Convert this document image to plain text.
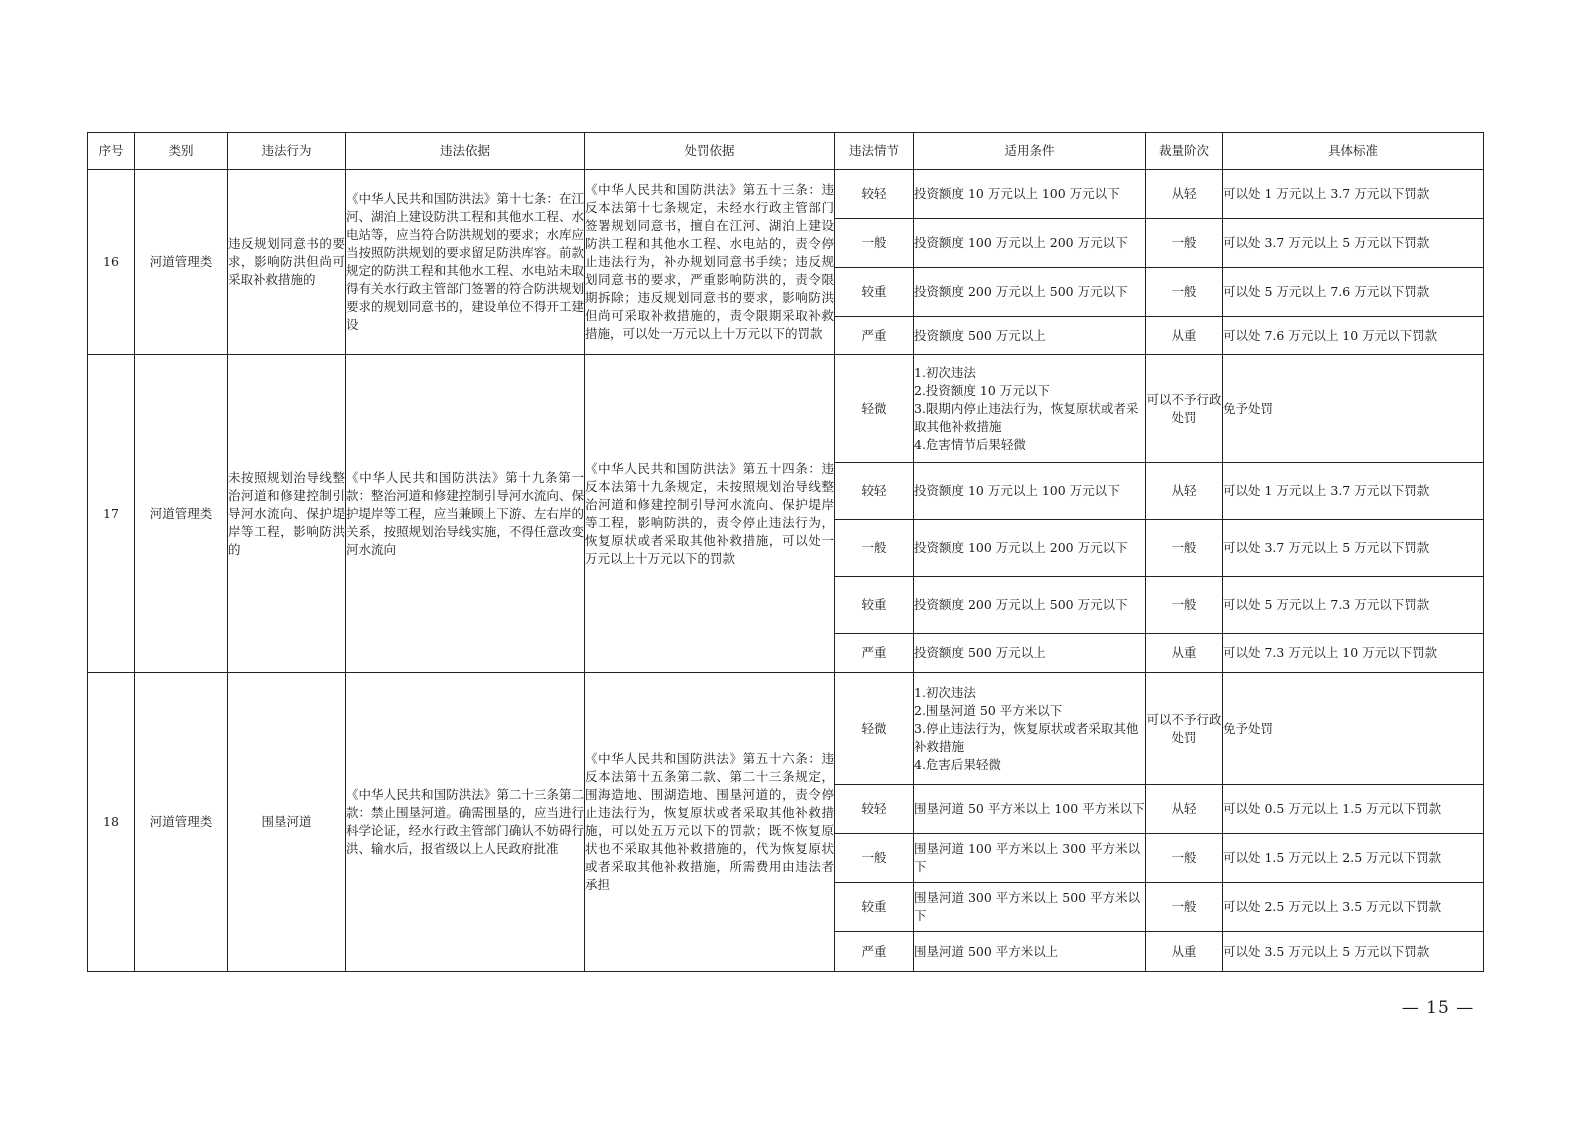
序号	类别	违法行为	违法依据	处罚依据	违法情节	适用条件	裁量阶次	具体标准
16	河道管理类	违反规划同意书的要求，影响防洪但尚可采取补救措施的	《中华人民共和国防洪法》第十七条：在江河、湖泊上建设防洪工程和其他水工程、水电站等，应当符合防洪规划的要求；水库应当按照防洪规划的要求留足防洪库容。前款规定的防洪工程和其他水工程、水电站未取得有关水行政主管部门签署的符合防洪规划要求的规划同意书的，建设单位不得开工建设	《中华人民共和国防洪法》第五十三条：违反本法第十七条规定，未经水行政主管部门签署规划同意书，擅自在江河、湖泊上建设防洪工程和其他水工程、水电站的，责令停止违法行为，补办规划同意书手续；违反规划同意书的要求，严重影响防洪的，责令限期拆除；违反规划同意书的要求，影响防洪但尚可采取补救措施的，责令限期采取补救措施，可以处一万元以上十万元以下的罚款	较轻	投资额度 10 万元以上 100 万元以下	从轻	可以处 1 万元以上 3.7 万元以下罚款
					一般	投资额度 100 万元以上 200 万元以下	一般	可以处 3.7 万元以上 5 万元以下罚款
					较重	投资额度 200 万元以上 500 万元以下	一般	可以处 5 万元以上 7.6 万元以下罚款
					严重	投资额度 500 万元以上	从重	可以处 7.6 万元以上 10 万元以下罚款
17	河道管理类	未按照规划治导线整治河道和修建控制引导河水流向、保护堤岸等工程，影响防洪的	《中华人民共和国防洪法》第十九条第一款：整治河道和修建控制引导河水流向、保护堤岸等工程，应当兼顾上下游、左右岸的关系，按照规划治导线实施，不得任意改变河水流向	《中华人民共和国防洪法》第五十四条：违反本法第十九条规定，未按照规划治导线整治河道和修建控制引导河水流向、保护堤岸等工程，影响防洪的，责令停止违法行为，恢复原状或者采取其他补救措施，可以处一万元以上十万元以下的罚款	轻微	1.初次违法
2.投资额度 10 万元以下
3.限期内停止违法行为，恢复原状或者采取其他补救措施
4.危害情节后果轻微	可以不予行政处罚	免予处罚
					较轻	投资额度 10 万元以上 100 万元以下	从轻	可以处 1 万元以上 3.7 万元以下罚款
					一般	投资额度 100 万元以上 200 万元以下	一般	可以处 3.7 万元以上 5 万元以下罚款
					较重	投资额度 200 万元以上 500 万元以下	一般	可以处 5 万元以上 7.3 万元以下罚款
					严重	投资额度 500 万元以上	从重	可以处 7.3 万元以上 10 万元以下罚款
18	河道管理类	围垦河道	《中华人民共和国防洪法》第二十三条第二款：禁止围垦河道。确需围垦的，应当进行科学论证，经水行政主管部门确认不妨碍行洪、输水后，报省级以上人民政府批准	《中华人民共和国防洪法》第五十六条：违反本法第十五条第二款、第二十三条规定，围海造地、围湖造地、围垦河道的，责令停止违法行为，恢复原状或者采取其他补救措施，可以处五万元以下的罚款；既不恢复原状也不采取其他补救措施的，代为恢复原状或者采取其他补救措施，所需费用由违法者承担	轻微	1.初次违法
2.围垦河道 50 平方米以下
3.停止违法行为，恢复原状或者采取其他补救措施
4.危害后果轻微	可以不予行政处罚	免予处罚
					较轻	围垦河道 50 平方米以上 100 平方米以下	从轻	可以处 0.5 万元以上 1.5 万元以下罚款
					一般	围垦河道 100 平方米以上 300 平方米以下	一般	可以处 1.5 万元以上 2.5 万元以下罚款
					较重	围垦河道 300 平方米以上 500 平方米以下	一般	可以处 2.5 万元以上 3.5 万元以下罚款
					严重	围垦河道 500 平方米以上	从重	可以处 3.5 万元以上 5 万元以下罚款
— 15 —
